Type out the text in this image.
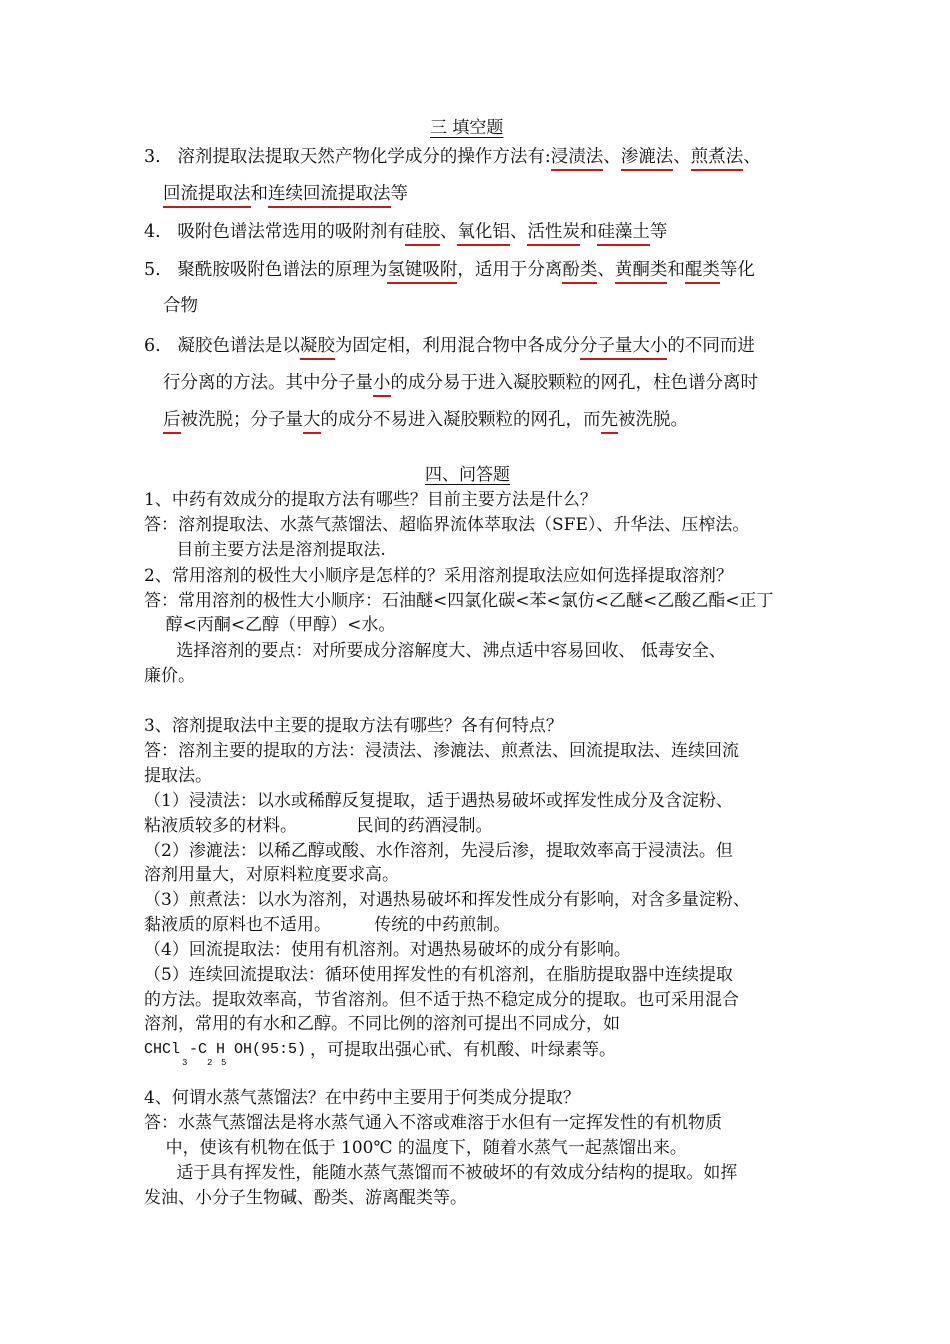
三 填空题
3.   溶剂提取法提取天然产物化学成分的操作方法有:浸渍法、渗漉法、煎煮法、
回流提取法和连续回流提取法等
4.   吸附色谱法常选用的吸附剂有硅胶、氧化铝、活性炭和硅藻土等
5.   聚酰胺吸附色谱法的原理为氢键吸附，适用于分离酚类、黄酮类和醌类等化
合物
6.   凝胶色谱法是以凝胶为固定相，利用混合物中各成分分子量大小的不同而进
行分离的方法。其中分子量小的成分易于进入凝胶颗粒的网孔，柱色谱分离时
后被洗脱；分子量大的成分不易进入凝胶颗粒的网孔，而先被洗脱。
四、问答题
1、中药有效成分的提取方法有哪些？目前主要方法是什么？
答：溶剂提取法、水蒸气蒸馏法、超临界流体萃取法（SFE）、升华法、压榨法。
目前主要方法是溶剂提取法.
2、常用溶剂的极性大小顺序是怎样的？采用溶剂提取法应如何选择提取溶剂？
答：常用溶剂的极性大小顺序：石油醚<四氯化碳<苯<氯仿<乙醚<乙酸乙酯<正丁
醇<丙酮<乙醇（甲醇）<水。
选择溶剂的要点：对所要成分溶解度大、沸点适中容易回收、 低毒安全、
廉价。
3、溶剂提取法中主要的提取方法有哪些？各有何特点？
答：溶剂主要的提取的方法：浸渍法、渗漉法、煎煮法、回流提取法、连续回流
提取法。
（1）浸渍法：以水或稀醇反复提取，适于遇热易破坏或挥发性成分及含淀粉、
粘液质较多的材料。           民间的药酒浸制。
（2）渗漉法：以稀乙醇或酸、水作溶剂，先浸后渗，提取效率高于浸渍法。但
溶剂用量大，对原料粒度要求高。
（3）煎煮法：以水为溶剂，对遇热易破坏和挥发性成分有影响，对含多量淀粉、
黏液质的原料也不适用。        传统的中药煎制。
（4）回流提取法：使用有机溶剂。对遇热易破坏的成分有影响。
（5）连续回流提取法：循环使用挥发性的有机溶剂，在脂肪提取器中连续提取
的方法。提取效率高，节省溶剂。但不适于热不稳定成分的提取。也可采用混合
溶剂，常用的有水和乙醇。不同比例的溶剂可提出不同成分，如
CHCl -C H OH(95:5)
3 2 5
，可提取出强心甙、有机酸、叶绿素等。
4、何谓水蒸气蒸馏法？在中药中主要用于何类成分提取？
答：水蒸气蒸馏法是将水蒸气通入不溶或难溶于水但有一定挥发性的有机物质
中，使该有机物在低于 100℃ 的温度下，随着水蒸气一起蒸馏出来。
适于具有挥发性，能随水蒸气蒸馏而不被破坏的有效成分结构的提取。如挥
发油、小分子生物碱、酚类、游离醌类等。
